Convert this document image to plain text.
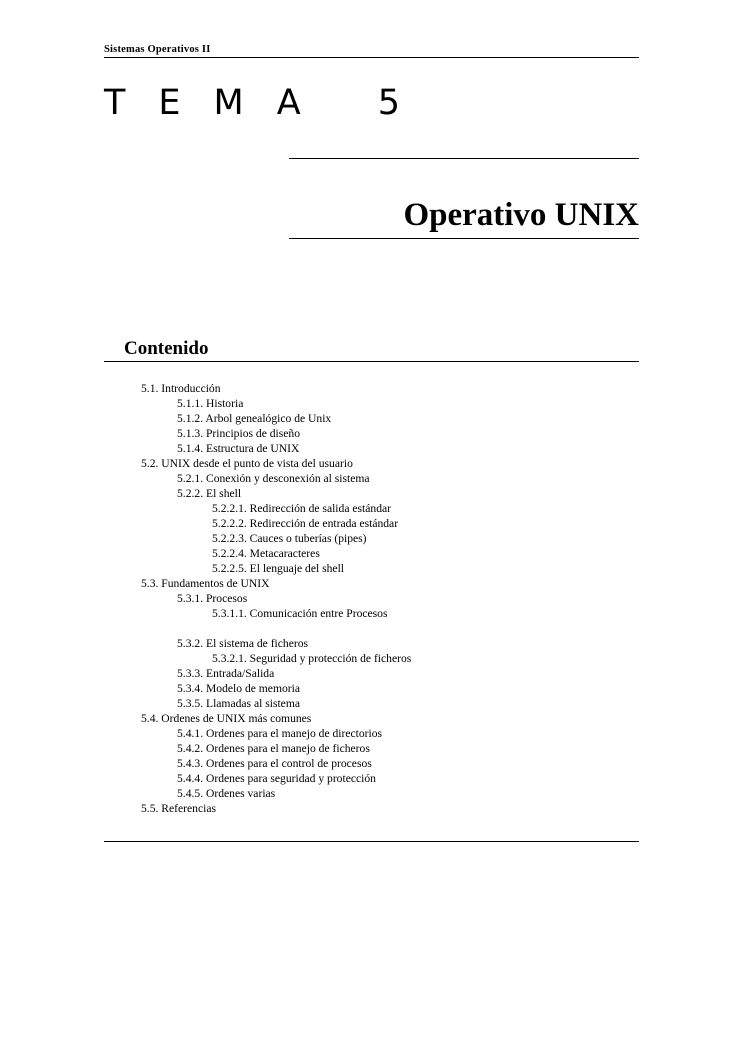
Sistemas Operativos II
TEMA 5
Operativo UNIX
Contenido
5.1. Introducción
5.1.1. Historia
5.1.2. Arbol genealógico de Unix
5.1.3. Principios de diseño
5.1.4. Estructura de UNIX
5.2. UNIX desde el punto de vista del usuario
5.2.1. Conexión y desconexión al sistema
5.2.2. El shell
5.2.2.1. Redirección de salida estándar
5.2.2.2. Redirección de entrada estándar
5.2.2.3. Cauces o tuberías (pipes)
5.2.2.4. Metacaracteres
5.2.2.5. El lenguaje del shell
5.3. Fundamentos de UNIX
5.3.1. Procesos
5.3.1.1. Comunicación entre Procesos
5.3.2. El sistema de ficheros
5.3.2.1. Seguridad y protección de ficheros
5.3.3. Entrada/Salida
5.3.4. Modelo de memoria
5.3.5. Llamadas al sistema
5.4. Ordenes de UNIX más comunes
5.4.1. Ordenes para el manejo de directorios
5.4.2. Ordenes para el manejo de ficheros
5.4.3. Ordenes para el control de procesos
5.4.4. Ordenes para seguridad y protección
5.4.5. Ordenes varias
5.5. Referencias
